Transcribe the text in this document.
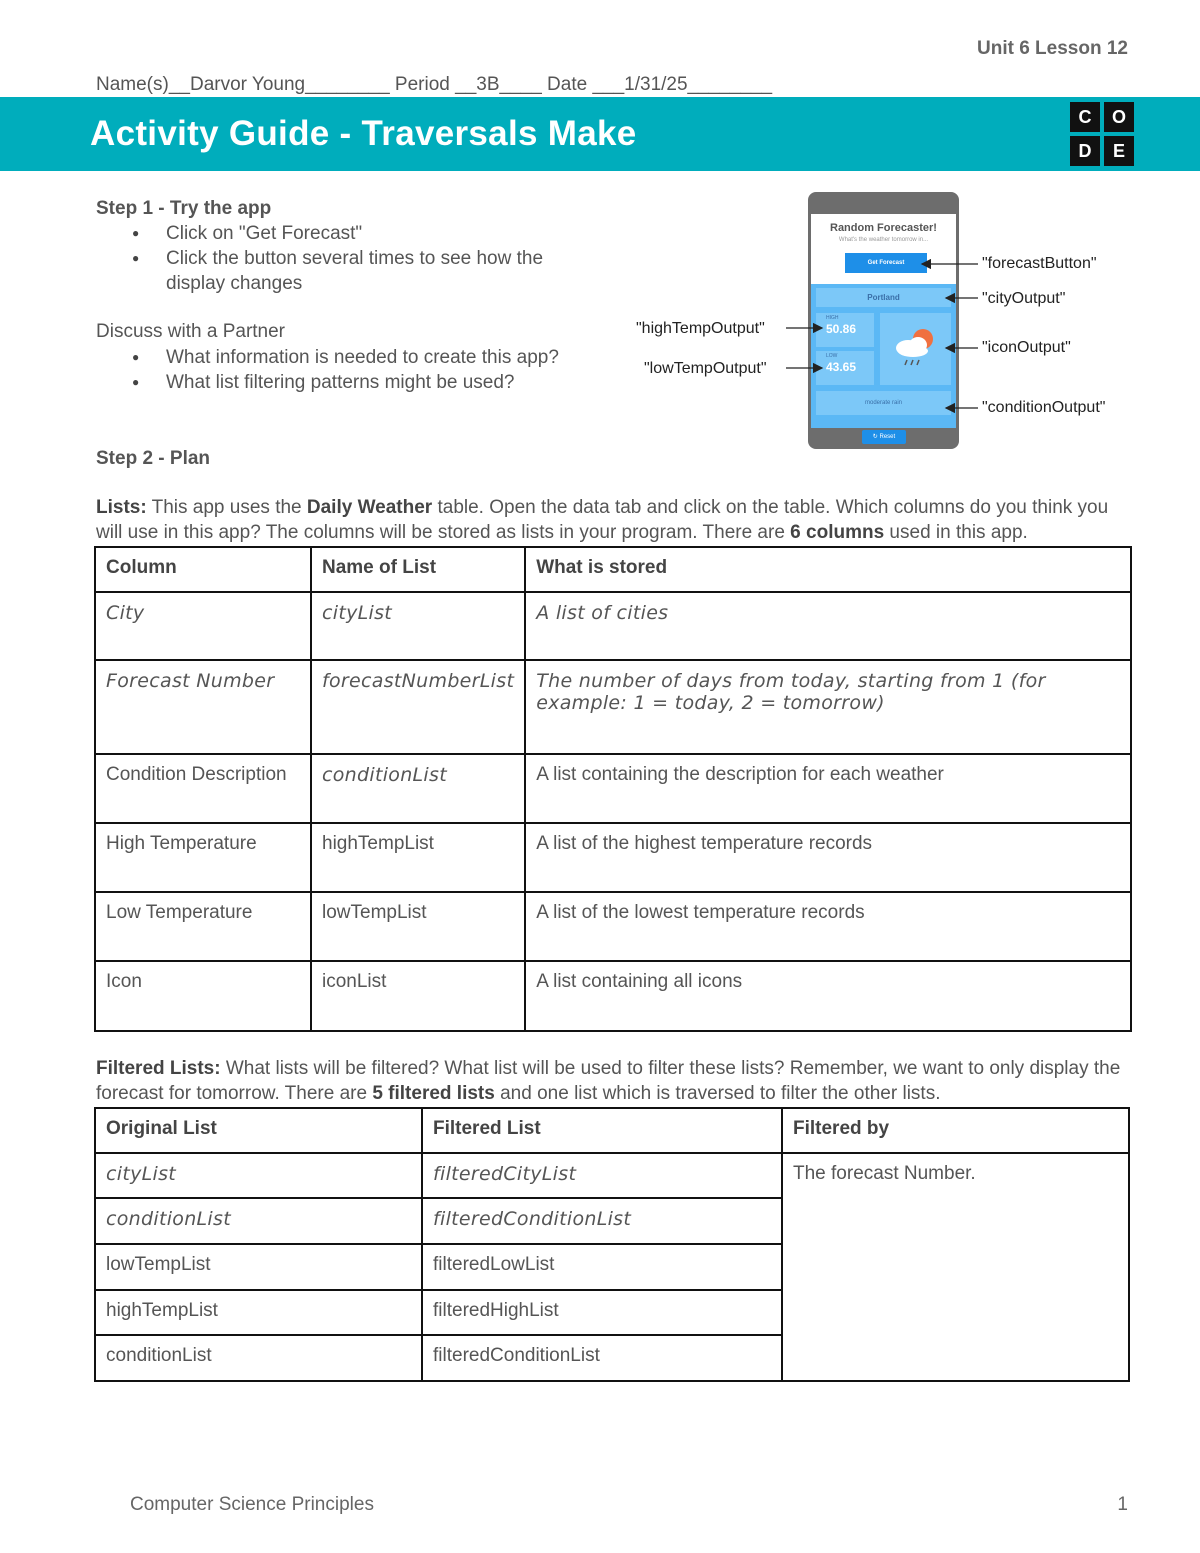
Unit 6 Lesson 12
Name(s)__Darvor Young________ Period __3B____ Date ___1/31/25________
Activity Guide - Traversals Make	C	O
D	E
Step 1 - Try the app
● Click on "Get Forecast"
● Click the button several times to see how the display changes
Discuss with a Partner
● What information is needed to create this app?
● What list filtering patterns might be used?
Random Forecaster!
What's the weather tomorrow in...
Get Forecast
Portland
HIGH
50.86
LOW
43.65
moderate rain
↻ Reset
"forecastButton"
"cityOutput"
"iconOutput"
"conditionOutput"
"highTempOutput"
"lowTempOutput"
Step 2 - Plan
Lists: This app uses the Daily Weather table. Open the data tab and click on the table. Which columns do you think you will use in this app? The columns will be stored as lists in your program. There are 6 columns used in this app.
Column	Name of List	What is stored
City	cityList	A list of cities
Forecast Number	forecastNumberList	The number of days from today, starting from 1 (for example: 1 = today, 2 = tomorrow)
Condition Description	conditionList	A list containing the description for each weather
High Temperature	highTempList	A list of the highest temperature records
Low Temperature	lowTempList	A list of the lowest temperature records
Icon	iconList	A list containing all icons
Filtered Lists: What lists will be filtered? What list will be used to filter these lists? Remember, we want to only display the forecast for tomorrow. There are 5 filtered lists and one list which is traversed to filter the other lists.
Original List	Filtered List	Filtered by
cityList	filteredCityList	The forecast Number.
conditionList	filteredConditionList	
lowTempList	filteredLowList	
highTempList	filteredHighList	
conditionList	filteredConditionList	
Computer Science Principles	1
